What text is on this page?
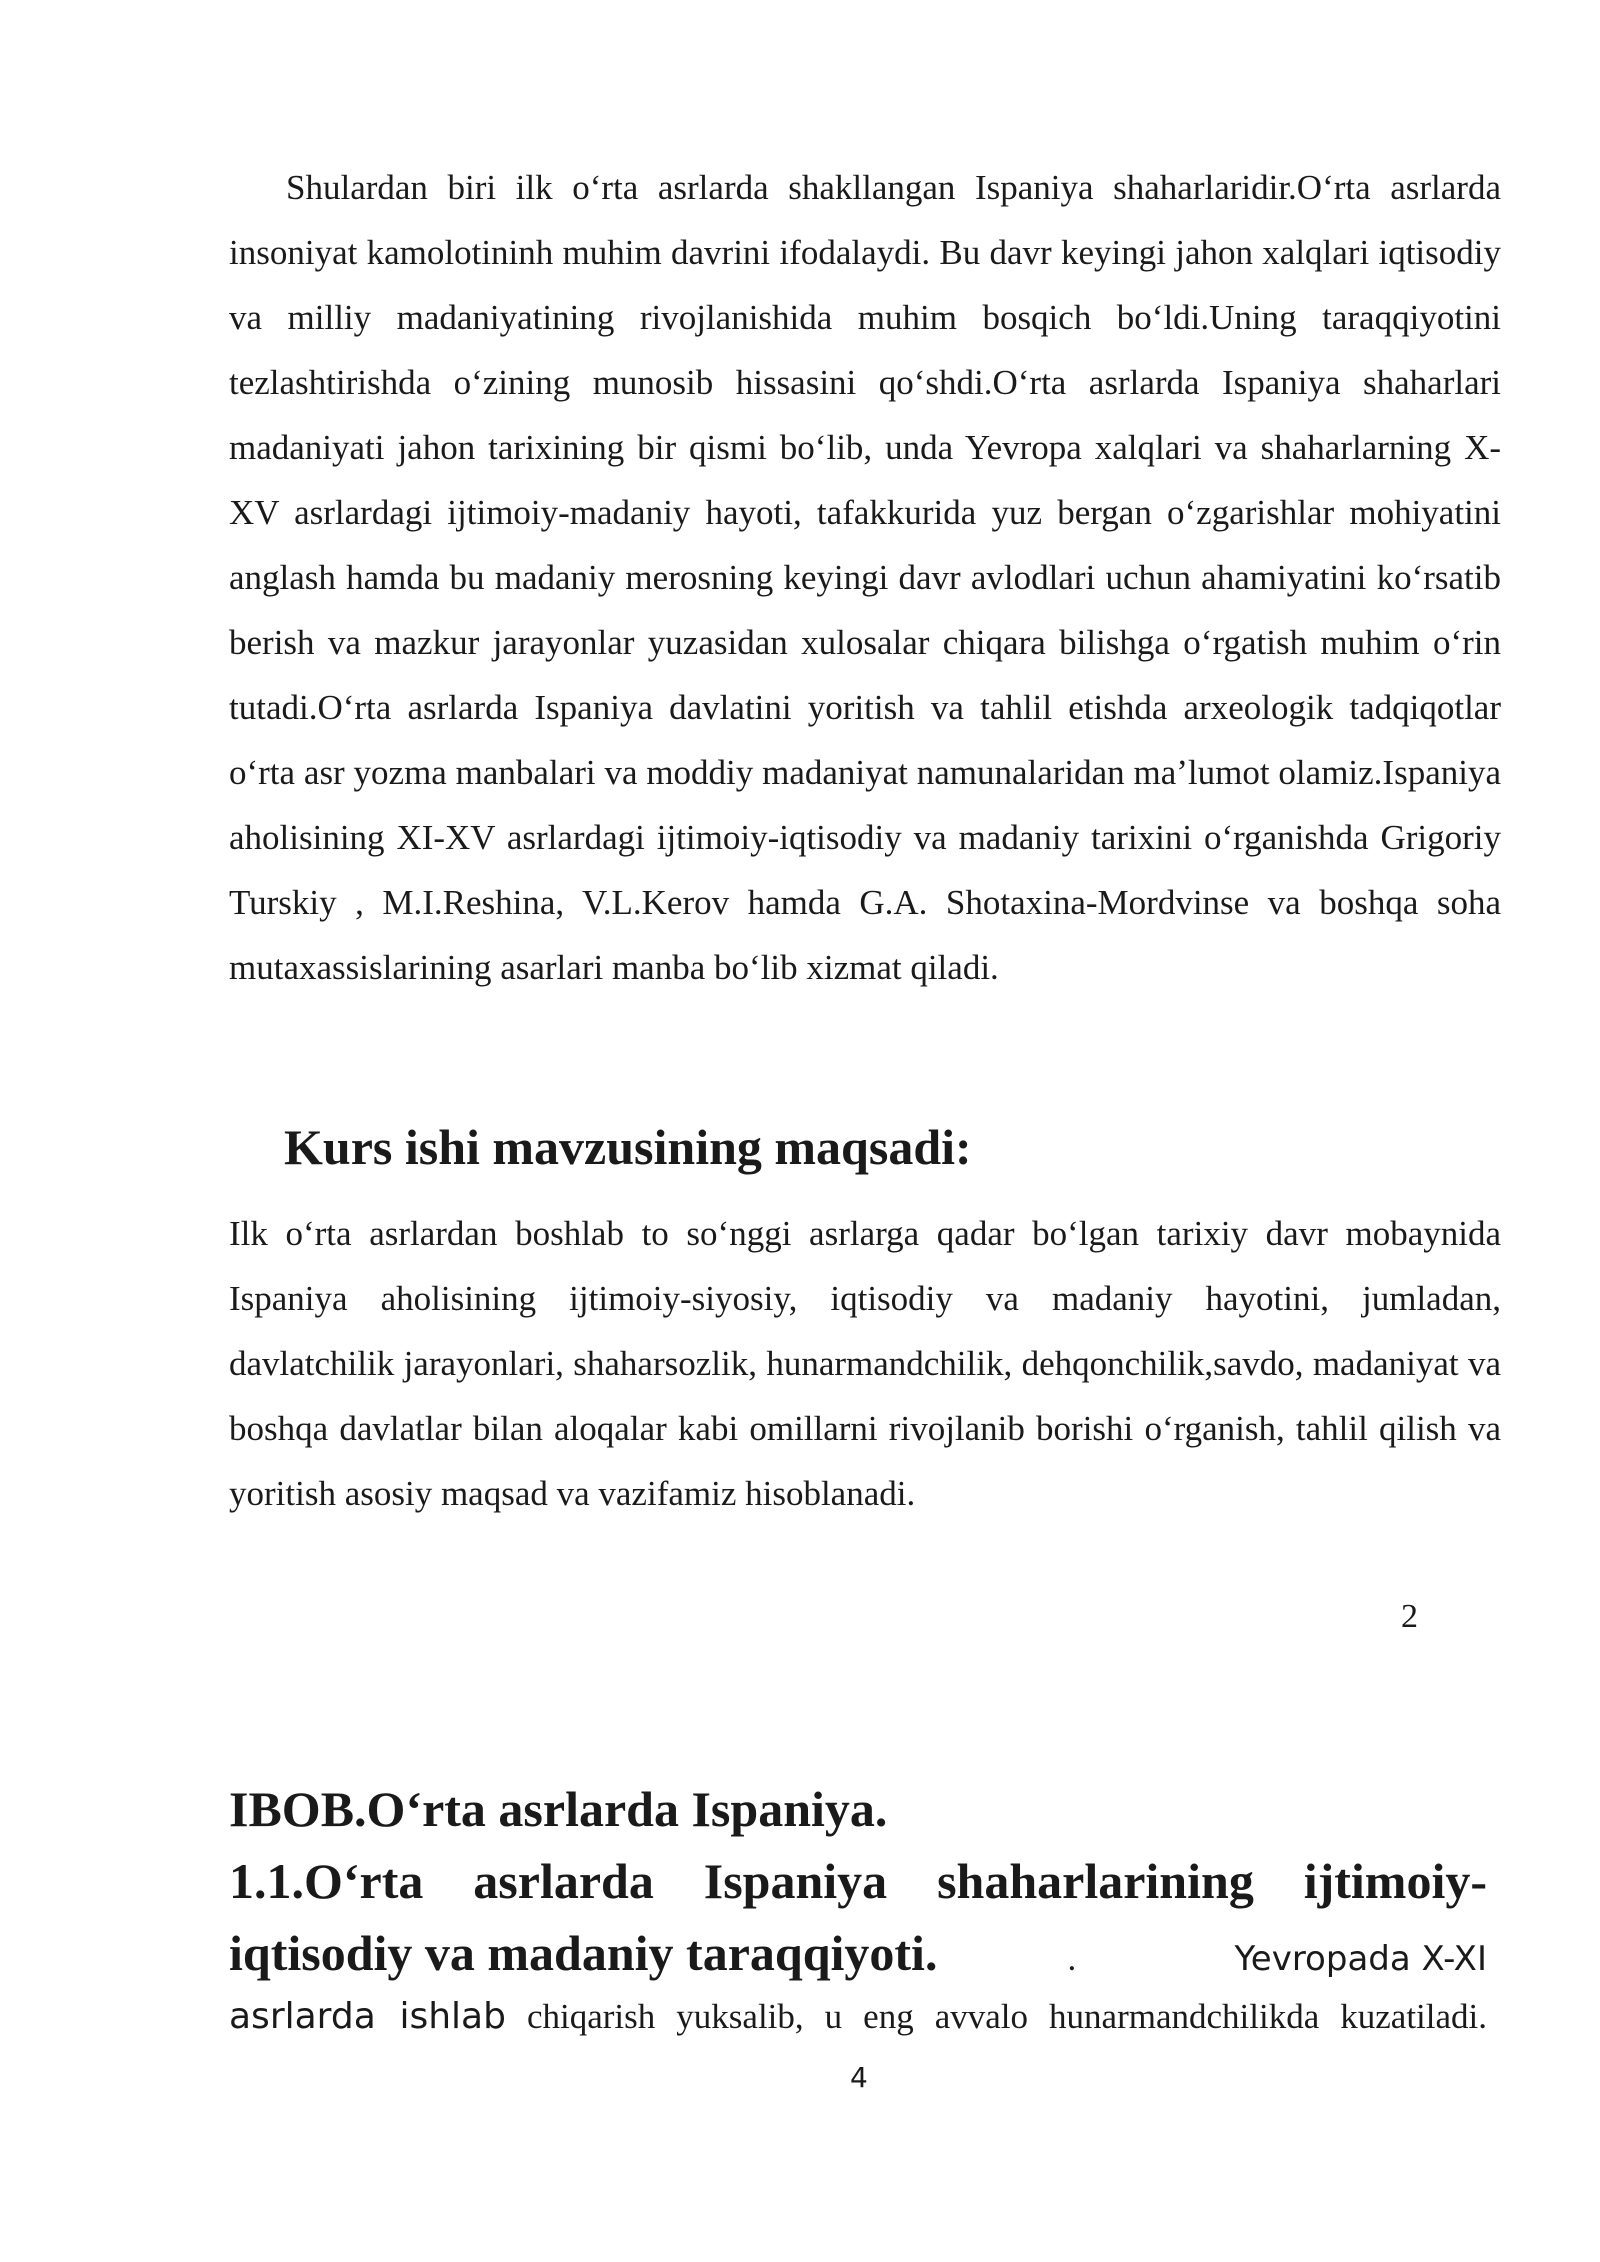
Shulardan biri ilk oʻrta asrlarda shakllangan Ispaniya shaharlaridir.Oʻrta asrlarda insoniyat kamolotininh muhim davrini ifodalaydi. Bu davr keyingi jahon xalqlari iqtisodiy va milliy madaniyatining rivojlanishida muhim bosqich boʻldi.Uning taraqqiyotini tezlashtirishda oʻzining munosib hissasini qoʻshdi.Oʻrta asrlarda Ispaniya shaharlari madaniyati jahon tarixining bir qismi boʻlib, unda Yevropa xalqlari va shaharlarning X-XV asrlardagi ijtimoiy-madaniy hayoti, tafakkurida yuz bergan oʻzgarishlar mohiyatini anglash hamda bu madaniy merosning keyingi davr avlodlari uchun ahamiyatini koʻrsatib berish va mazkur jarayonlar yuzasidan xulosalar chiqara bilishga oʻrgatish muhim oʻrin tutadi.Oʻrta asrlarda Ispaniya davlatini yoritish va tahlil etishda arxeologik tadqiqotlar oʻrta asr yozma manbalari va moddiy madaniyat namunalaridan maʼlumot olamiz.Ispaniya aholisining XI-XV asrlardagi ijtimoiy-iqtisodiy va madaniy tarixini oʻrganishda Grigoriy Turskiy , M.I.Reshina, V.L.Kerov hamda G.A. Shotaxina-Mordvinse va boshqa soha mutaxassislarining asarlari manba boʻlib xizmat qiladi.

Kurs ishi mavzusining maqsadi:

Ilk oʻrta asrlardan boshlab to soʻnggi asrlarga qadar boʻlgan tarixiy davr mobaynida Ispaniya aholisining ijtimoiy-siyosiy, iqtisodiy va madaniy hayotini, jumladan, davlatchilik jarayonlari, shaharsozlik, hunarmandchilik, dehqonchilik,savdo, madaniyat va boshqa davlatlar bilan aloqalar kabi omillarni rivojlanib borishi oʻrganish, tahlil qilish va yoritish asosiy maqsad va vazifamiz hisoblanadi.

2

IBOB.Oʻrta asrlarda Ispaniya.
1.1.Oʻrta asrlarda Ispaniya shaharlarining ijtimoiy-
iqtisodiy va madaniy taraqqiyoti.	.	Yevropada X-XI

asrlarda ishlab chiqarish yuksalib, u eng avvalo hunarmandchilikda kuzatiladi.

4
